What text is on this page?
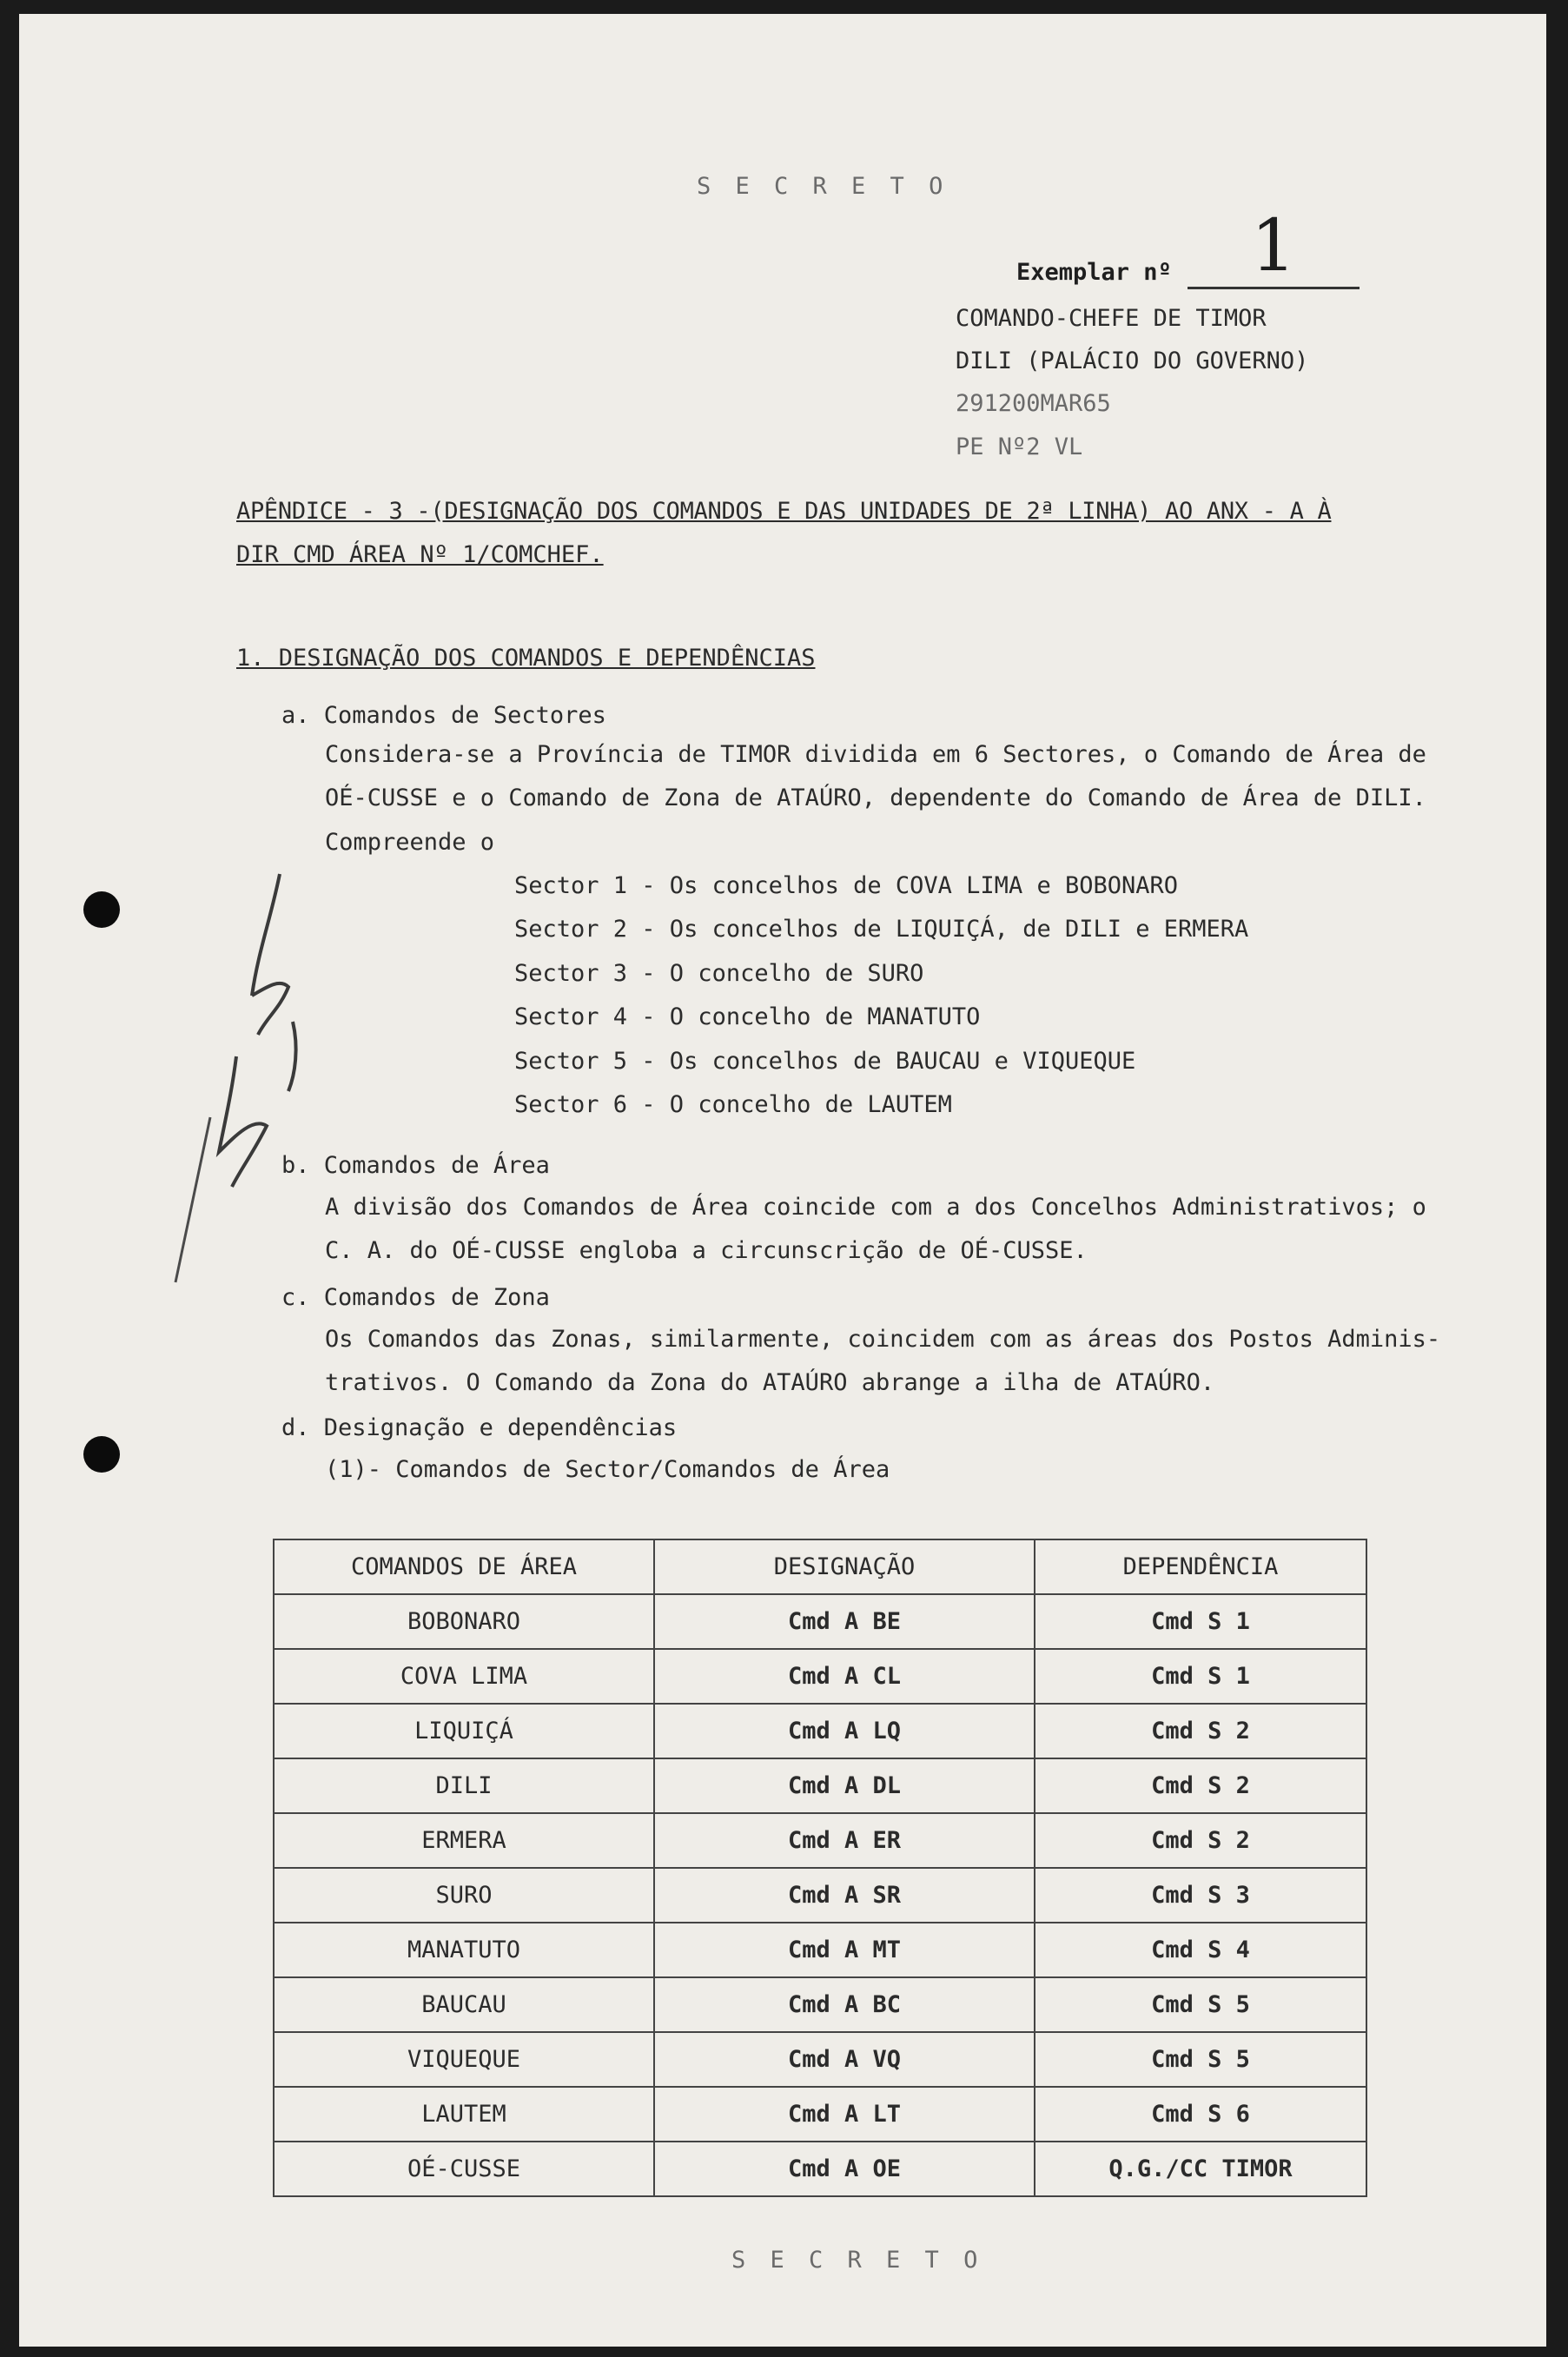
S E C R E T O
Exemplar nº	1
COMANDO-CHEFE DE TIMOR
DILI (PALÁCIO DO GOVERNO)
291200MAR65
PE Nº2 VL
APÊNDICE - 3 -(DESIGNAÇÃO DOS COMANDOS E DAS UNIDADES DE 2ª LINHA) AO ANX - A À
DIR CMD ÁREA Nº 1/COMCHEF.
1. DESIGNAÇÃO DOS COMANDOS E DEPENDÊNCIAS
a. Comandos de Sectores
Considera-se a Província de TIMOR dividida em 6 Sectores, o Comando de Área de
OÉ-CUSSE e o Comando de Zona de ATAÚRO, dependente do Comando de Área de DILI.
Compreende o
Sector 1 - Os concelhos de COVA LIMA e BOBONARO
Sector 2 - Os concelhos de LIQUIÇÁ, de DILI e ERMERA
Sector 3 - O concelho de SURO
Sector 4 - O concelho de MANATUTO
Sector 5 - Os concelhos de BAUCAU e VIQUEQUE
Sector 6 - O concelho de LAUTEM
b. Comandos de Área
A divisão dos Comandos de Área coincide com a dos Concelhos Administrativos; o
C. A. do OÉ-CUSSE engloba a circunscrição de OÉ-CUSSE.
c. Comandos de Zona
Os Comandos das Zonas, similarmente, coincidem com as áreas dos Postos Adminis-
trativos. O Comando da Zona do ATAÚRO abrange a ilha de ATAÚRO.
d. Designação e dependências
(1)- Comandos de Sector/Comandos de Área
COMANDOS DE ÁREA	DESIGNAÇÃO	DEPENDÊNCIA
BOBONARO	Cmd A BE	Cmd S 1
COVA LIMA	Cmd A CL	Cmd S 1
LIQUIÇÁ	Cmd A LQ	Cmd S 2
DILI	Cmd A DL	Cmd S 2
ERMERA	Cmd A ER	Cmd S 2
SURO	Cmd A SR	Cmd S 3
MANATUTO	Cmd A MT	Cmd S 4
BAUCAU	Cmd A BC	Cmd S 5
VIQUEQUE	Cmd A VQ	Cmd S 5
LAUTEM	Cmd A LT	Cmd S 6
OÉ-CUSSE	Cmd A OE	Q.G./CC TIMOR
S E C R E T O
